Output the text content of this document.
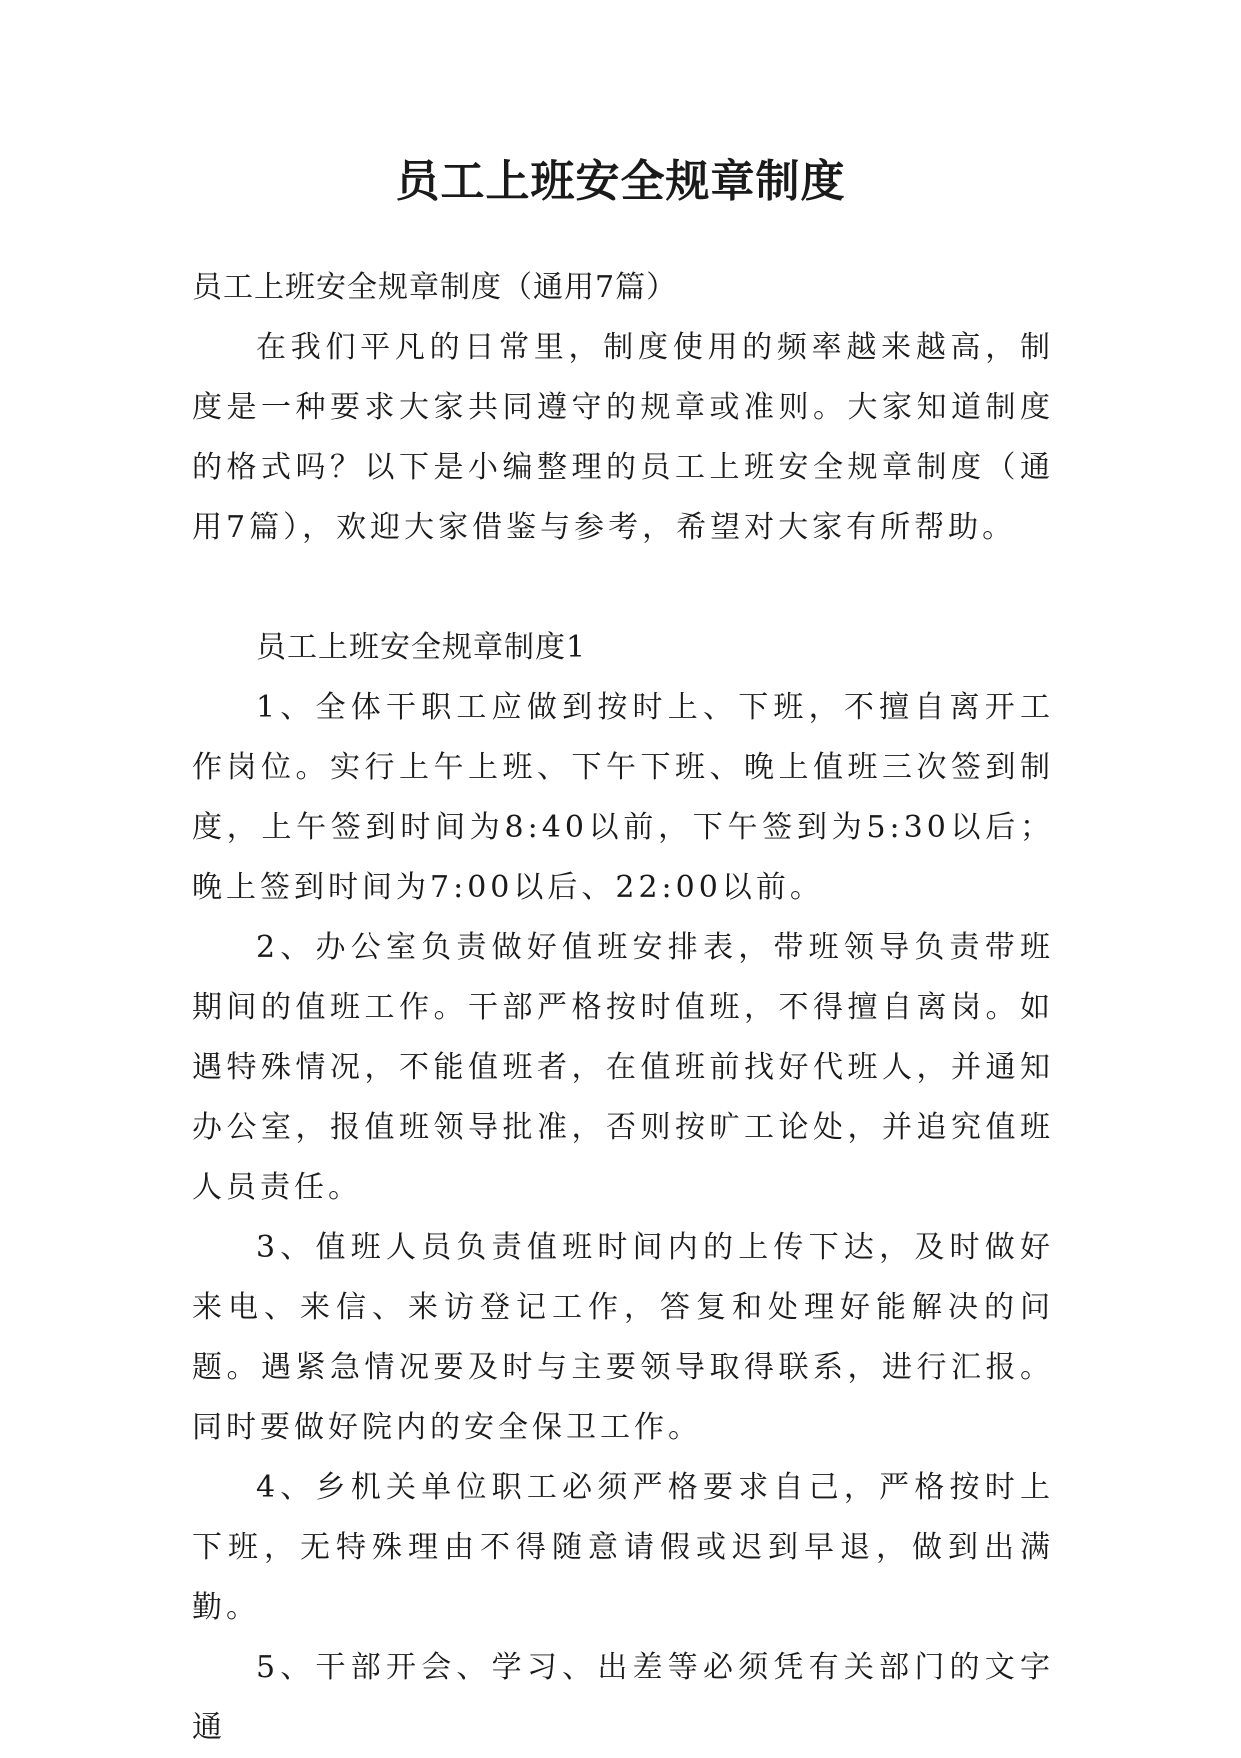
员工上班安全规章制度

员工上班安全规章制度（通用7篇）

在我们平凡的日常里，制度使用的频率越来越高，制度是一种要求大家共同遵守的规章或准则。大家知道制度的格式吗？以下是小编整理的员工上班安全规章制度（通用7篇），欢迎大家借鉴与参考，希望对大家有所帮助。

员工上班安全规章制度1

1、全体干职工应做到按时上、下班，不擅自离开工作岗位。实行上午上班、下午下班、晚上值班三次签到制度，上午签到时间为8:40以前，下午签到为5:30以后；晚上签到时间为7:00以后、22:00以前。

2、办公室负责做好值班安排表，带班领导负责带班期间的值班工作。干部严格按时值班，不得擅自离岗。如遇特殊情况，不能值班者，在值班前找好代班人，并通知办公室，报值班领导批准，否则按旷工论处，并追究值班人员责任。

3、值班人员负责值班时间内的上传下达，及时做好来电、来信、来访登记工作，答复和处理好能解决的问题。遇紧急情况要及时与主要领导取得联系，进行汇报。同时要做好院内的安全保卫工作。

4、乡机关单位职工必须严格要求自己，严格按时上下班，无特殊理由不得随意请假或迟到早退，做到出满勤。

5、干部开会、学习、出差等必须凭有关部门的文字通
